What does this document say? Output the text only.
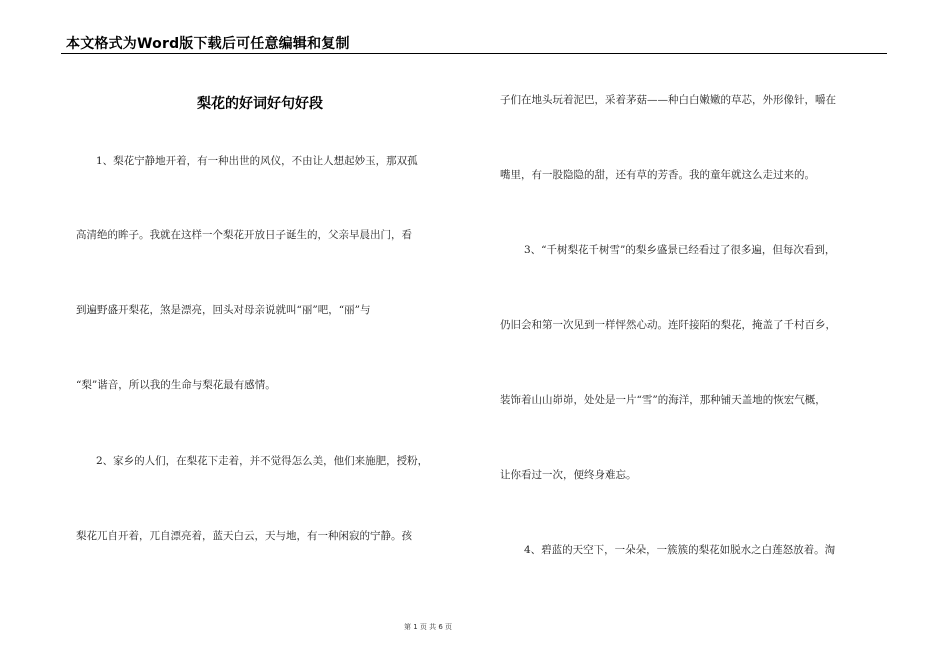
本文格式为Word版下载后可任意编辑和复制
梨花的好词好句好段
1、梨花宁静地开着，有一种出世的风仪，不由让人想起妙玉，那双孤
高清绝的眸子。我就在这样一个梨花开放日子诞生的，父亲早晨出门，看
到遍野盛开梨花，煞是漂亮，回头对母亲说就叫“丽”吧，“丽”与
“梨”谐音，所以我的生命与梨花最有感情。
2、家乡的人们，在梨花下走着，并不觉得怎么美，他们来施肥，授粉，
梨花兀自开着，兀自漂亮着，蓝天白云，天与地，有一种闲寂的宁静。孩
子们在地头玩着泥巴，采着茅菇——种白白嫩嫩的草芯，外形像针，嚼在
嘴里，有一股隐隐的甜，还有草的芳香。我的童年就这么走过来的。
3、“千树梨花千树雪”的梨乡盛景已经看过了很多遍，但每次看到，
仍旧会和第一次见到一样怦然心动。连阡接陌的梨花，掩盖了千村百乡，
装饰着山山峁峁，处处是一片“雪”的海洋，那种铺天盖地的恢宏气概，
让你看过一次，便终身难忘。
4、碧蓝的天空下，一朵朵，一簇簇的梨花如脱水之白莲怒放着。淘
第 1 页 共 6 页
